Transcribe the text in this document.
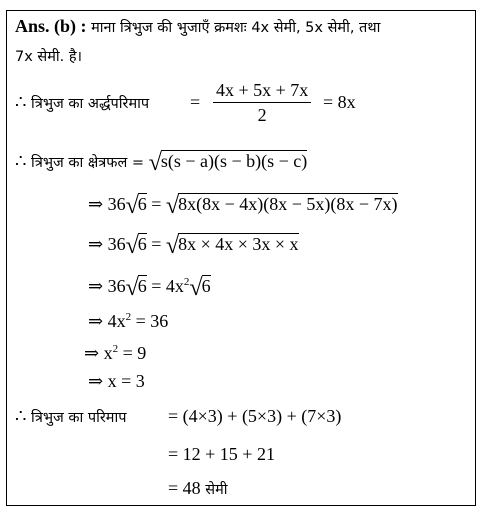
Ans. (b) : माना त्रिभुज की भुजाएँ क्रमशः 4x सेमी, 5x सेमी, तथा
7x सेमी. है।
∴ त्रिभुज का अर्द्धपरिमाप = $\frac{4x + 5x + 7x}{2} = 8x$
∴ त्रिभुज का क्षेत्रफल = √s(s − a)(s − b)(s − c)
⇒ 36√6 = √8x(8x − 4x)(8x − 5x)(8x − 7x)
⇒ 36√6 = √8x × 4x × 3x × x
⇒ $36√6 = 4x^2√6$
⇒ $4x^2 = 36$
⇒ $x^2 = 9$
⇒ x = 3
∴ त्रिभुज का परिमाप = (4×3) + (5×3) + (7×3)
= 12 + 15 + 21
= 48 सेमी
